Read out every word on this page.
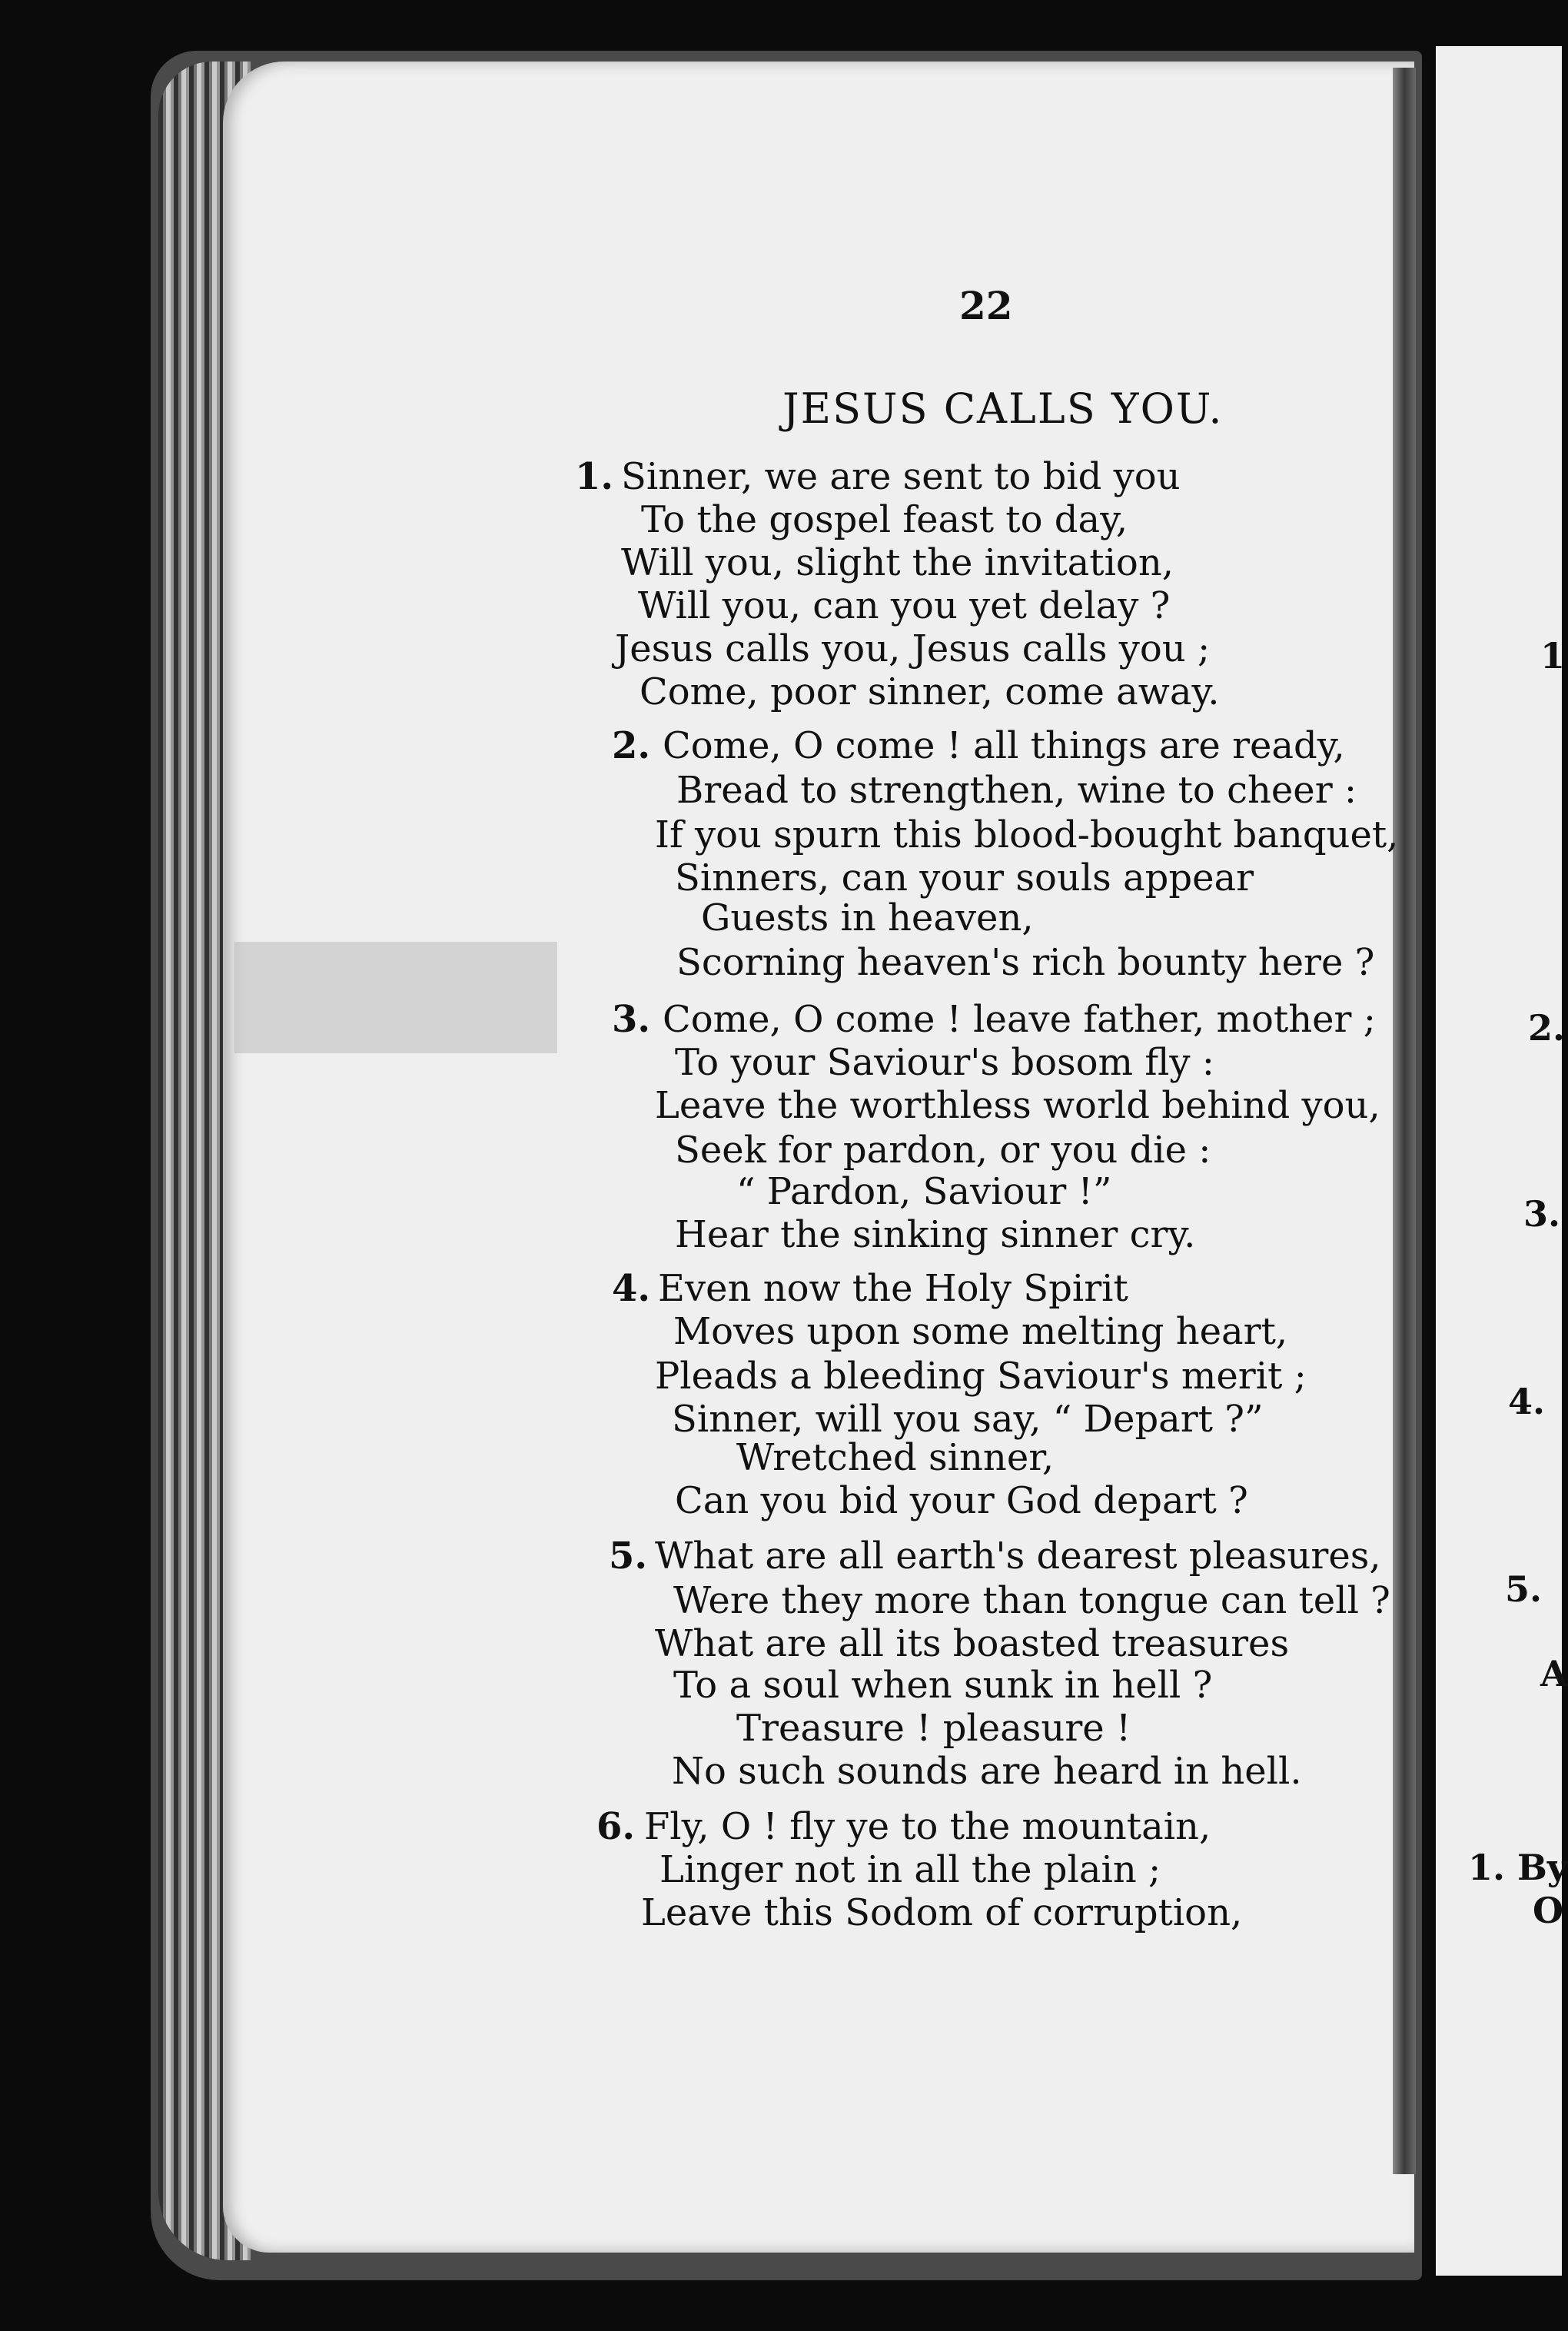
22
JESUS CALLS YOU.
1. Sinner, we are sent to bid you
To the gospel feast to day,
Will you, slight the invitation,
Will you, can you yet delay ?
Jesus calls you, Jesus calls you ;
Come, poor sinner, come away.
2. Come, O come ! all things are ready,
Bread to strengthen, wine to cheer :
If you spurn this blood-bought banquet,
Sinners, can your souls appear
Guests in heaven,
Scorning heaven's rich bounty here ?
3. Come, O come ! leave father, mother ;
To your Saviour's bosom fly :
Leave the worthless world behind you,
Seek for pardon, or you die :
“ Pardon, Saviour !”
Hear the sinking sinner cry.
4. Even now the Holy Spirit
Moves upon some melting heart,
Pleads a bleeding Saviour's merit ;
Sinner, will you say, “ Depart ?”
Wretched sinner,
Can you bid your God depart ?
5. What are all earth's dearest pleasures,
Were they more than tongue can tell ?
What are all its boasted treasures
To a soul when sunk in hell ?
Treasure ! pleasure !
No such sounds are heard in hell.
6. Fly, O ! fly ye to the mountain,
Linger not in all the plain ;
Leave this Sodom of corruption,
1
2.
3.
4.
5.
A
1. By
O
